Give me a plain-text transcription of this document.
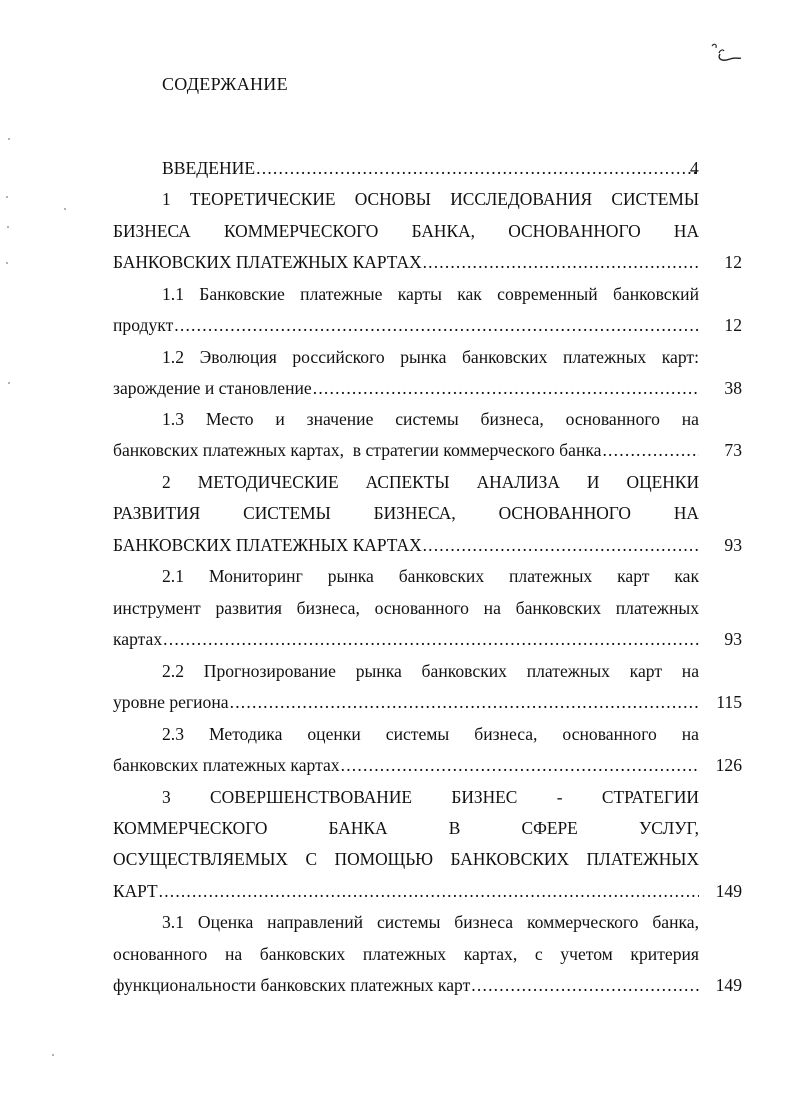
СОДЕРЖАНИЕ
ВВЕДЕНИЕ .....	4
1 ТЕОРЕТИЧЕСКИЕ ОСНОВЫ ИССЛЕДОВАНИЯ СИСТЕМЫ
БИЗНЕСА КОММЕРЧЕСКОГО БАНКА, ОСНОВАННОГО НА
БАНКОВСКИХ ПЛАТЕЖНЫХ КАРТАХ .....	12
1.1 Банковские платежные карты как современный банковский
продукт .....	12
1.2 Эволюция российского рынка банковских платежных карт:
зарождение и становление .....	38
1.3 Место и значение системы бизнеса, основанного на
банковских платежных картах,  в стратегии коммерческого банка .....	73
2 МЕТОДИЧЕСКИЕ АСПЕКТЫ АНАЛИЗА И ОЦЕНКИ
РАЗВИТИЯ СИСТЕМЫ БИЗНЕСА, ОСНОВАННОГО НА
БАНКОВСКИХ ПЛАТЕЖНЫХ КАРТАХ .....	93
2.1 Мониторинг рынка банковских платежных карт как
инструмент развития бизнеса, основанного на банковских платежных
картах .....	93
2.2 Прогнозирование рынка банковских платежных карт на
уровне региона .....	115
2.3 Методика оценки системы бизнеса, основанного на
банковских платежных картах .....	126
3 СОВЕРШЕНСТВОВАНИЕ БИЗНЕС - СТРАТЕГИИ
КОММЕРЧЕСКОГО БАНКА В СФЕРЕ УСЛУГ,
ОСУЩЕСТВЛЯЕМЫХ С ПОМОЩЬЮ БАНКОВСКИХ ПЛАТЕЖНЫХ
КАРТ .....	149
3.1 Оценка направлений системы бизнеса коммерческого банка,
основанного на банковских платежных картах, с учетом критерия
функциональности банковских платежных карт .....	149
